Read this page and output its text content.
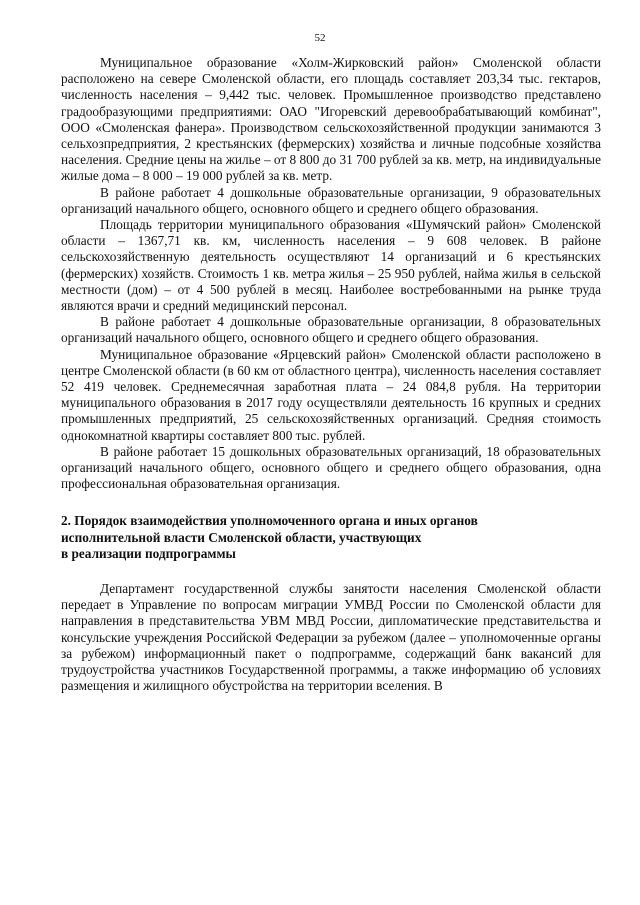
52

Муниципальное образование «Холм-Жирковский район» Смоленской области расположено на севере Смоленской области, его площадь составляет 203,34 тыс. гектаров, численность населения – 9,442 тыс. человек. Промышленное производство представлено градообразующими предприятиями: ОАО "Игоревский деревообрабатывающий комбинат", ООО «Смоленская фанера». Производством сельскохозяйственной продукции занимаются 3 сельхозпредприятия, 2 крестьянских (фермерских) хозяйства и личные подсобные хозяйства населения. Средние цены на жилье – от 8 800 до 31 700 рублей за кв. метр, на индивидуальные жилые дома – 8 000 – 19 000 рублей за кв. метр.

В районе работает 4 дошкольные образовательные организации, 9 образовательных организаций начального общего, основного общего и среднего общего образования.

Площадь территории муниципального образования «Шумячский район» Смоленской области – 1367,71 кв. км, численность населения – 9 608 человек. В районе сельскохозяйственную деятельность осуществляют 14 организаций и 6 крестьянских (фермерских) хозяйств. Стоимость 1 кв. метра жилья – 25 950 рублей, найма жилья в сельской местности (дом) – от 4 500 рублей в месяц. Наиболее востребованными на рынке труда являются врачи и средний медицинский персонал.

В районе работает 4 дошкольные образовательные организации, 8 образовательных организаций начального общего, основного общего и среднего общего образования.

Муниципальное образование «Ярцевский район» Смоленской области расположено в центре Смоленской области (в 60 км от областного центра), численность населения составляет 52 419 человек. Среднемесячная заработная плата – 24 084,8 рубля. На территории муниципального образования в 2017 году осуществляли деятельность 16 крупных и средних промышленных предприятий, 25 сельскохозяйственных организаций. Средняя стоимость однокомнатной квартиры составляет 800 тыс. рублей.

В районе работает 15 дошкольных образовательных организаций, 18 образовательных организаций начального общего, основного общего и среднего общего образования, одна профессиональная образовательная организация.

2. Порядок взаимодействия уполномоченного органа и иных органов
исполнительной власти Смоленской области, участвующих
в реализации подпрограммы

Департамент государственной службы занятости населения Смоленской области передает в Управление по вопросам миграции УМВД России по Смоленской области для направления в представительства УВМ МВД России, дипломатические представительства и консульские учреждения Российской Федерации за рубежом (далее – уполномоченные органы за рубежом) информационный пакет о подпрограмме, содержащий банк вакансий для трудоустройства участников Государственной программы, а также информацию об условиях размещения и жилищного обустройства на территории вселения. В
